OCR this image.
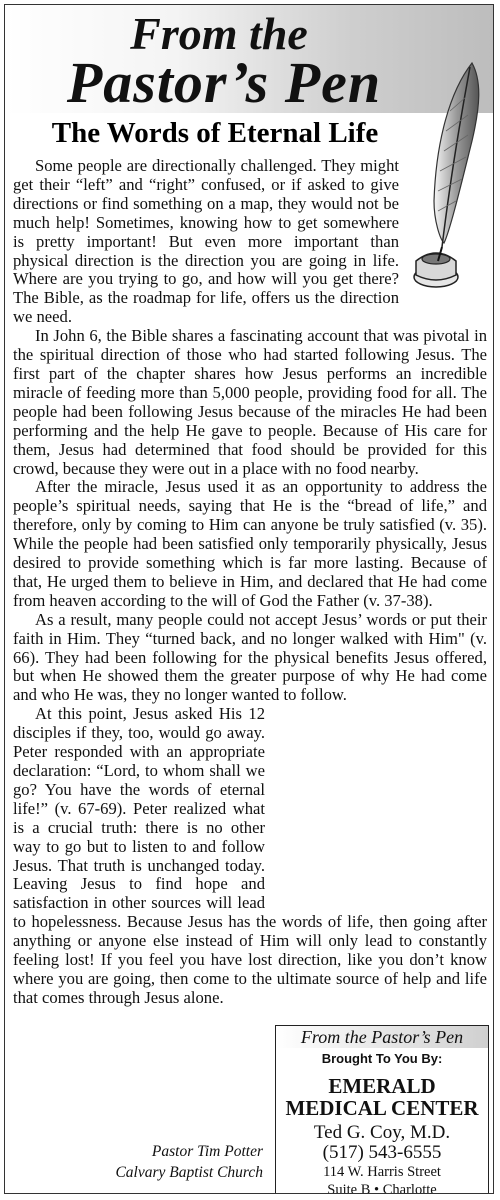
From the
Pastor’s Pen
The Words of Eternal Life

Some people are directionally challenged. They might get their “left” and “right” confused, or if asked to give directions or find something on a map, they would not be much help! Sometimes, knowing how to get somewhere is pretty important! But even more important than physical direction is the direction you are going in life. Where are you trying to go, and how will you get there? The Bible, as the roadmap for life, offers us the direction we need.

In John 6, the Bible shares a fascinating account that was pivotal in the spiritual direction of those who had started following Jesus. The first part of the chapter shares how Jesus performs an incredible miracle of feeding more than 5,000 people, providing food for all. The people had been following Jesus because of the miracles He had been performing and the help He gave to people. Because of His care for them, Jesus had determined that food should be provided for this crowd, because they were out in a place with no food nearby.

After the miracle, Jesus used it as an opportunity to address the people’s spiritual needs, saying that He is the “bread of life,” and therefore, only by coming to Him can anyone be truly satisfied (v. 35). While the people had been satisfied only temporarily physically, Jesus desired to provide something which is far more lasting. Because of that, He urged them to believe in Him, and declared that He had come from heaven according to the will of God the Father (v. 37-38).

As a result, many people could not accept Jesus’ words or put their faith in Him. They “turned back, and no longer walked with Him" (v. 66). They had been following for the physical benefits Jesus offered, but when He showed them the greater purpose of why He had come and who He was, they no longer wanted to follow.

At this point, Jesus asked His 12 disciples if they, too, would go away. Peter responded with an appropriate declaration: “Lord, to whom shall we go? You have the words of eternal life!” (v. 67-69). Peter realized what is a crucial truth: there is no other way to go but to listen to and follow Jesus. That truth is unchanged today. Leaving Jesus to find hope and satisfaction in other sources will lead to hopelessness. Because Jesus has the words of life, then going after anything or anyone else instead of Him will only lead to constantly feeling lost! If you feel you have lost direction, like you don’t know where you are going, then come to the ultimate source of help and life that comes through Jesus alone.

Pastor Tim Potter
Calvary Baptist Church
From the Pastor’s Pen
Brought To You By:
EMERALD
MEDICAL CENTER
Ted G. Coy, M.D.
(517) 543-6555
114 W. Harris Street
Suite B • Charlotte
